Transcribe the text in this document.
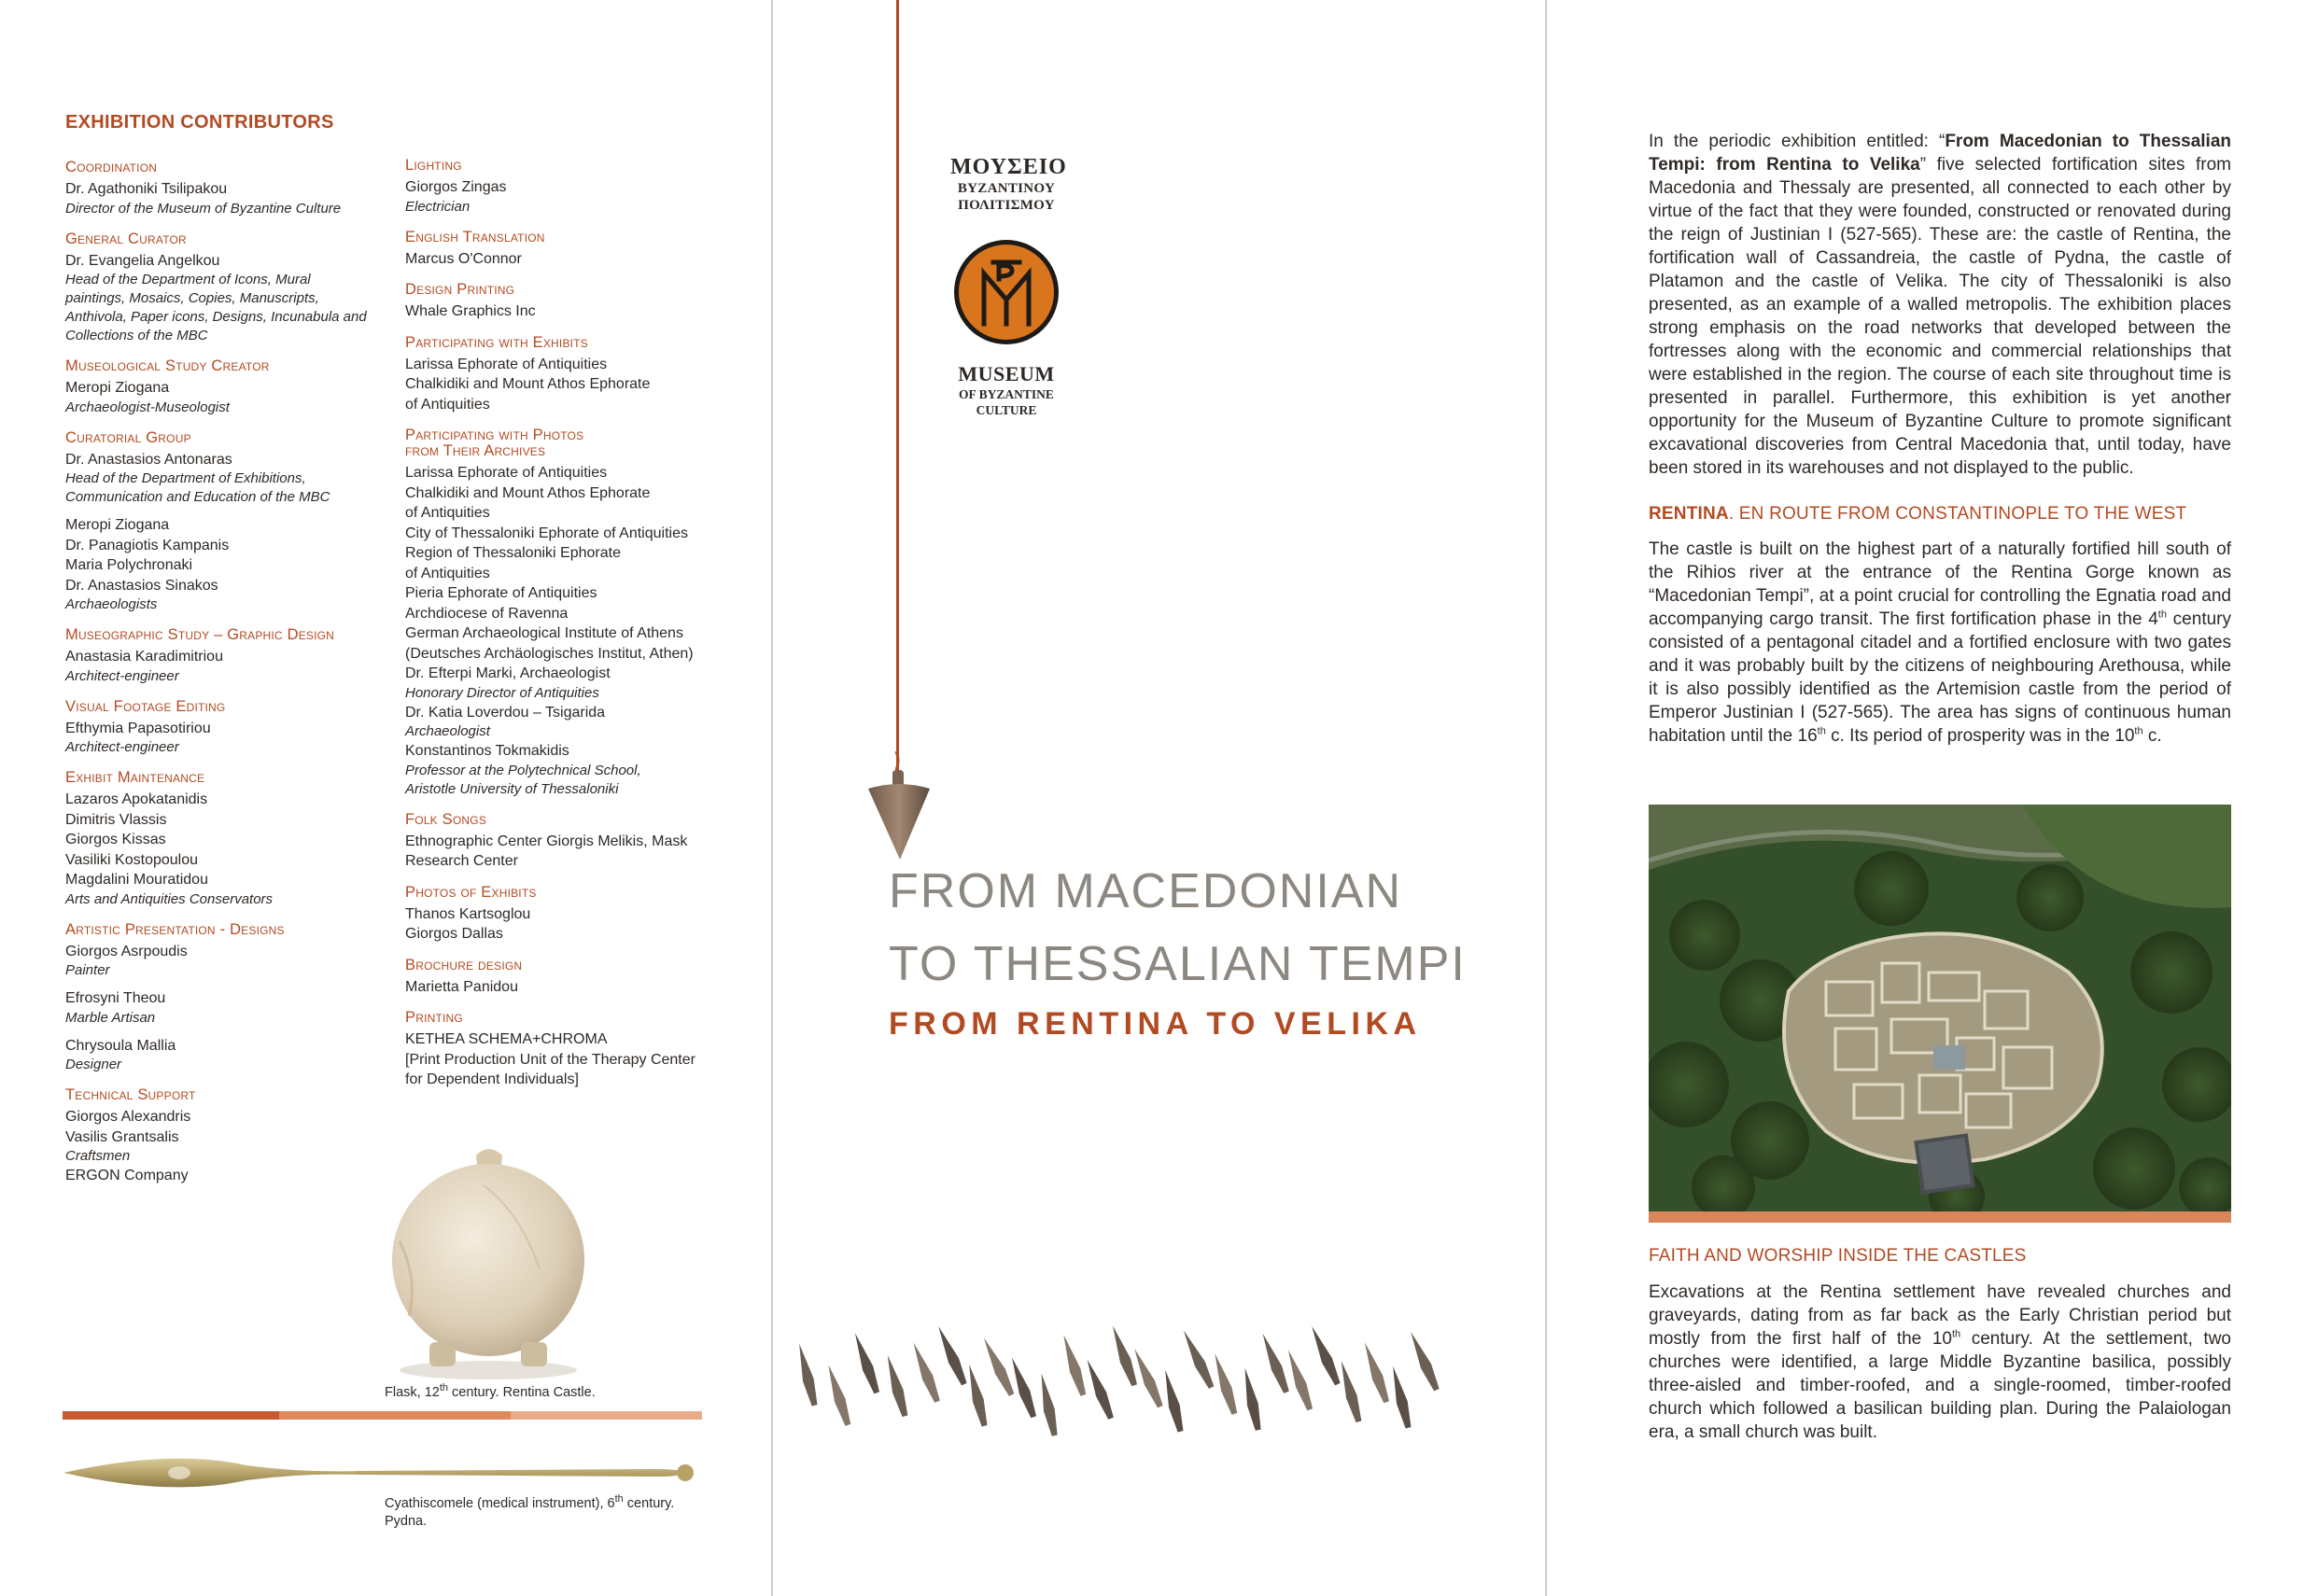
EXHIBITION CONTRIBUTORS
Coordination
Dr. Agathoniki Tsilipakou
Director of the Museum of Byzantine Culture
General Curator
Dr. Evangelia Angelkou
Head of the Department of Icons, Mural
paintings, Mosaics, Copies, Manuscripts,
Anthivola, Paper icons, Designs, Incunabula and
Collections of the MBC
Museological Study Creator
Meropi Ziogana
Archaeologist-Museologist
Curatorial Group
Dr. Anastasios Antonaras
Head of the Department of Exhibitions,
Communication and Education of the MBC
Meropi Ziogana
Dr. Panagiotis Kampanis
Maria Polychronaki
Dr. Anastasios Sinakos
Archaeologists
Museographic Study – Graphic Design
Anastasia Karadimitriou
Architect-engineer
Visual Footage Editing
Efthymia Papasotiriou
Architect-engineer
Exhibit Maintenance
Lazaros Apokatanidis
Dimitris Vlassis
Giorgos Kissas
Vasiliki Kostopoulou
Magdalini Mouratidou
Arts and Antiquities Conservators
Artistic Presentation - Designs
Giorgos Asrpoudis
Painter
Efrosyni Theou
Marble Artisan
Chrysoula Mallia
Designer
Technical Support
Giorgos Alexandris
Vasilis Grantsalis
Craftsmen
ERGON Company
Lighting
Giorgos Zingas
Electrician
English Translation
Marcus O'Connor
Design Printing
Whale Graphics Inc
Participating with Exhibits
Larissa Ephorate of Antiquities
Chalkidiki and Mount Athos Ephorate
of Antiquities
Participating with Photos
from Their Archives
Larissa Ephorate of Antiquities
Chalkidiki and Mount Athos Ephorate
of Antiquities
City of Thessaloniki Ephorate of Antiquities
Region of Thessaloniki Ephorate
of Antiquities
Pieria Ephorate of Antiquities
Archdiocese of Ravenna
German Archaeological Institute of Athens
(Deutsches Archäologisches Institut, Athen)
Dr. Efterpi Marki, Archaeologist
Honorary Director of Antiquities
Dr. Katia Loverdou – Tsigarida
Archaeologist
Konstantinos Tokmakidis
Professor at the Polytechnical School,
Aristotle University of Thessaloniki
Folk Songs
Ethnographic Center Giorgis Melikis, Mask
Research Center
Photos of Exhibits
Thanos Kartsoglou
Giorgos Dallas
Brochure design
Marietta Panidou
Printing
KETHEA SCHEMA+CHROMA
[Print Production Unit of the Therapy Center
for Dependent Individuals]
Flask, 12th century. Rentina Castle.
Cyathiscomele (medical instrument), 6th century.
Pydna.
ΜΟΥΣΕΙΟ
ΒΥΖΑΝΤΙΝΟΥ
ΠΟΛΙΤΙΣΜΟΥ
MUSEUM
OF BYZANTINE
CULTURE
FROM MACEDONIAN
TO THESSALIAN TEMPI
FROM RENTINA TO VELIKA

In the periodic exhibition entitled: “From Macedonian to Thessalian Tempi: from Rentina to Velika” five selected fortification sites from Macedonia and Thessaly are presented, all connected to each other by virtue of the fact that they were founded, constructed or renovated during the reign of Justinian I (527-565). These are: the castle of Rentina, the fortification wall of Cassandreia, the castle of Pydna, the castle of Platamon and the castle of Velika. The city of Thessaloniki is also presented, as an example of a walled metropolis. The exhibition places strong emphasis on the road networks that developed between the fortresses along with the economic and commercial relationships that were established in the region. The course of each site throughout time is presented in parallel. Furthermore, this exhibition is yet another opportunity for the Museum of Byzantine Culture to promote significant excavational discoveries from Central Macedonia that, until today, have been stored in its warehouses and not displayed to the public.

RENTINA. EN ROUTE FROM CONSTANTINOPLE TO THE WEST

The castle is built on the highest part of a naturally fortified hill south of the Rihios river at the entrance of the Rentina Gorge known as “Macedonian Tempi”, at a point crucial for controlling the Egnatia road and accompanying cargo transit. The first fortification phase in the 4th century consisted of a pentagonal citadel and a fortified enclosure with two gates and it was probably built by the citizens of neighbouring Arethousa, while it is also possibly identified as the Artemision castle from the period of Emperor Justinian I (527-565). The area has signs of continuous human habitation until the 16th c. Its period of prosperity was in the 10th c.

FAITH AND WORSHIP INSIDE THE CASTLES

Excavations at the Rentina settlement have revealed churches and graveyards, dating from as far back as the Early Christian period but mostly from the first half of the 10th century. At the settlement, two churches were identified, a large Middle Byzantine basilica, possibly three-aisled and timber-roofed, and a single-roomed, timber-roofed church which followed a basilican building plan. During the Palaiologan era, a small church was built.
